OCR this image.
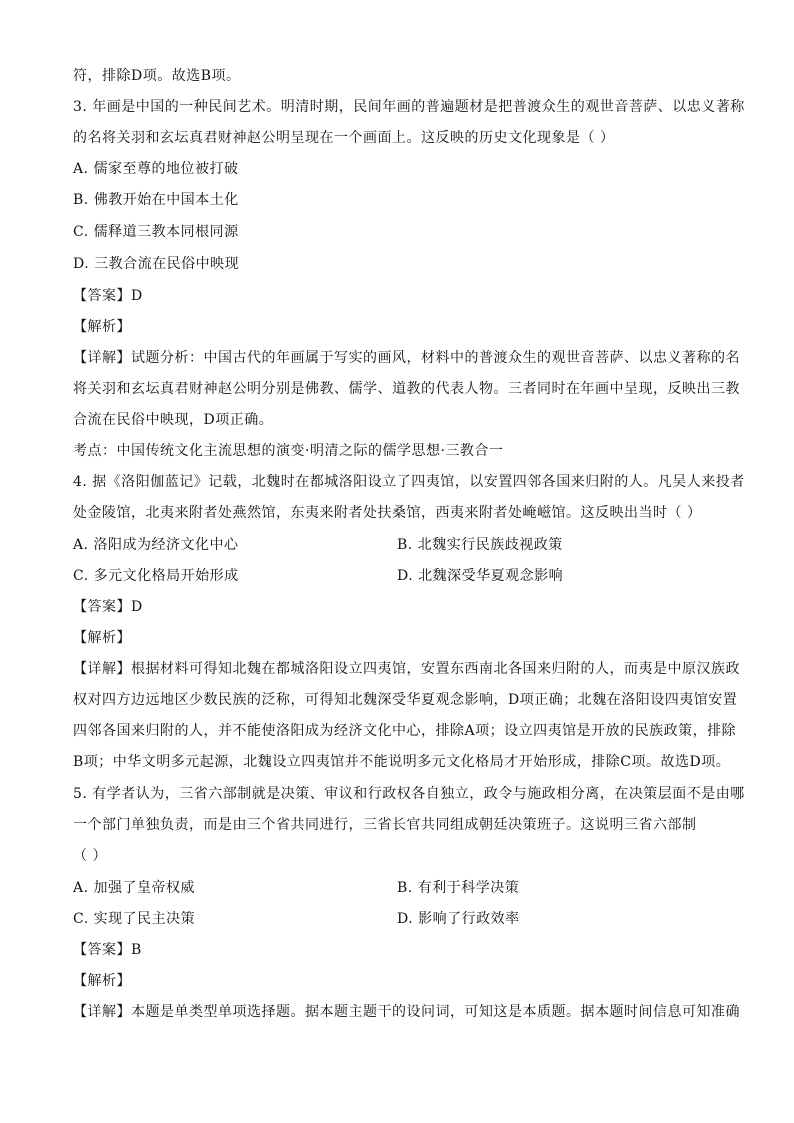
符，排除D项。故选B项。
3. 年画是中国的一种民间艺术。明清时期，民间年画的普遍题材是把普渡众生的观世音菩萨、以忠义著称
的名将关羽和玄坛真君财神赵公明呈现在一个画面上。这反映的历史文化现象是（ ）
A. 儒家至尊的地位被打破
B. 佛教开始在中国本土化
C. 儒释道三教本同根同源
D. 三教合流在民俗中映现
【答案】D
【解析】
【详解】试题分析：中国古代的年画属于写实的画风，材料中的普渡众生的观世音菩萨、以忠义著称的名
将关羽和玄坛真君财神赵公明分别是佛教、儒学、道教的代表人物。三者同时在年画中呈现，反映出三教
合流在民俗中映现，D项正确。
考点：中国传统文化主流思想的演变·明清之际的儒学思想·三教合一
4. 据《洛阳伽蓝记》记载，北魏时在都城洛阳设立了四夷馆，以安置四邻各国来归附的人。凡吴人来投者
处金陵馆，北夷来附者处燕然馆，东夷来附者处扶桑馆，西夷来附者处崦嵫馆。这反映出当时（ ）
A. 洛阳成为经济文化中心	B. 北魏实行民族歧视政策
C. 多元文化格局开始形成	D. 北魏深受华夏观念影响
【答案】D
【解析】
【详解】根据材料可得知北魏在都城洛阳设立四夷馆，安置东西南北各国来归附的人，而夷是中原汉族政
权对四方边远地区少数民族的泛称，可得知北魏深受华夏观念影响，D项正确；北魏在洛阳设四夷馆安置
四邻各国来归附的人，并不能使洛阳成为经济文化中心，排除A项；设立四夷馆是开放的民族政策，排除
B项；中华文明多元起源，北魏设立四夷馆并不能说明多元文化格局才开始形成，排除C项。故选D项。
5. 有学者认为，三省六部制就是决策、审议和行政权各自独立，政令与施政相分离，在决策层面不是由哪
一个部门单独负责，而是由三个省共同进行，三省长官共同组成朝廷决策班子。这说明三省六部制
（ ）
A. 加强了皇帝权威	B. 有利于科学决策
C. 实现了民主决策	D. 影响了行政效率
【答案】B
【解析】
【详解】本题是单类型单项选择题。据本题主题干的设问词，可知这是本质题。据本题时间信息可知准确
